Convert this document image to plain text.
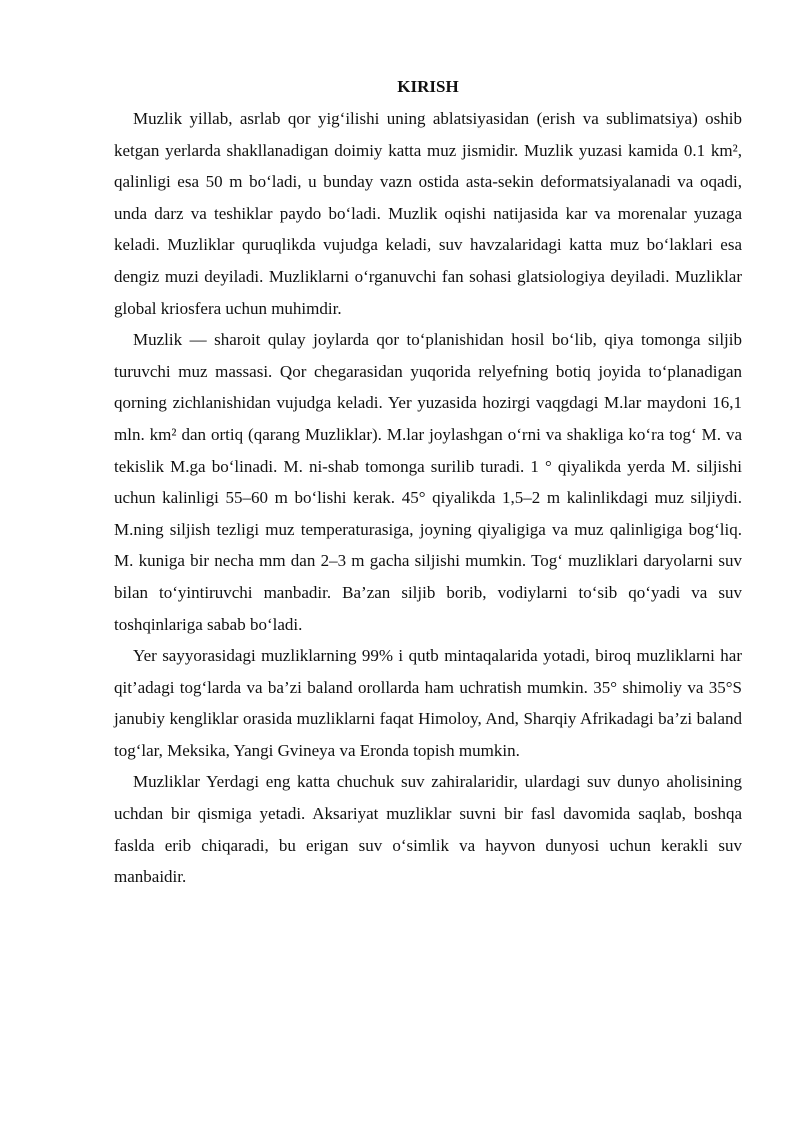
KIRISH

Muzlik yillab, asrlab qor yig‘ilishi uning ablatsiyasidan (erish va sublimatsiya) oshib ketgan yerlarda shakllanadigan doimiy katta muz jismidir. Muzlik yuzasi kamida 0.1 km², qalinligi esa 50 m bo‘ladi, u bunday vazn ostida asta-sekin deformatsiyalanadi va oqadi, unda darz va teshiklar paydo bo‘ladi. Muzlik oqishi natijasida kar va morenalar yuzaga keladi. Muzliklar quruqlikda vujudga keladi, suv havzalaridagi katta muz bo‘laklari esa dengiz muzi deyiladi. Muzliklarni o‘rganuvchi fan sohasi glatsiologiya deyiladi. Muzliklar global kriosfera uchun muhimdir.

Muzlik — sharoit qulay joylarda qor to‘planishidan hosil bo‘lib, qiya tomonga siljib turuvchi muz massasi. Qor chegarasidan yuqorida relyefning botiq joyida to‘planadigan qorning zichlanishidan vujudga keladi. Yer yuzasida hozirgi vaqgdagi M.lar maydoni 16,1 mln. km² dan ortiq (qarang Muzliklar). M.lar joylashgan o‘rni va shakliga ko‘ra tog‘ M. va tekislik M.ga bo‘linadi. M. ni-shab tomonga surilib turadi. 1 ° qiyalikda yerda M. siljishi uchun kalinligi 55–60 m bo‘lishi kerak. 45° qiyalikda 1,5–2 m kalinlikdagi muz siljiydi. M.ning siljish tezligi muz temperaturasiga, joyning qiyaligiga va muz qalinligiga bog‘liq. M. kuniga bir necha mm dan 2–3 m gacha siljishi mumkin. Tog‘ muzliklari daryolarni suv bilan to‘yintiruvchi manbadir. Ba’zan siljib borib, vodiylarni to‘sib qo‘yadi va suv toshqinlariga sabab bo‘ladi.

Yer sayyorasidagi muzliklarning 99% i qutb mintaqalarida yotadi, biroq muzliklarni har qit’adagi tog‘larda va ba’zi baland orollarda ham uchratish mumkin. 35° shimoliy va 35°S janubiy kengliklar orasida muzliklarni faqat Himoloy, And, Sharqiy Afrikadagi ba’zi baland tog‘lar, Meksika, Yangi Gvineya va Eronda topish mumkin.

Muzliklar Yerdagi eng katta chuchuk suv zahiralaridir, ulardagi suv dunyo aholisining uchdan bir qismiga yetadi. Aksariyat muzliklar suvni bir fasl davomida saqlab, boshqa faslda erib chiqaradi, bu erigan suv o‘simlik va hayvon dunyosi uchun kerakli suv manbaidir.
